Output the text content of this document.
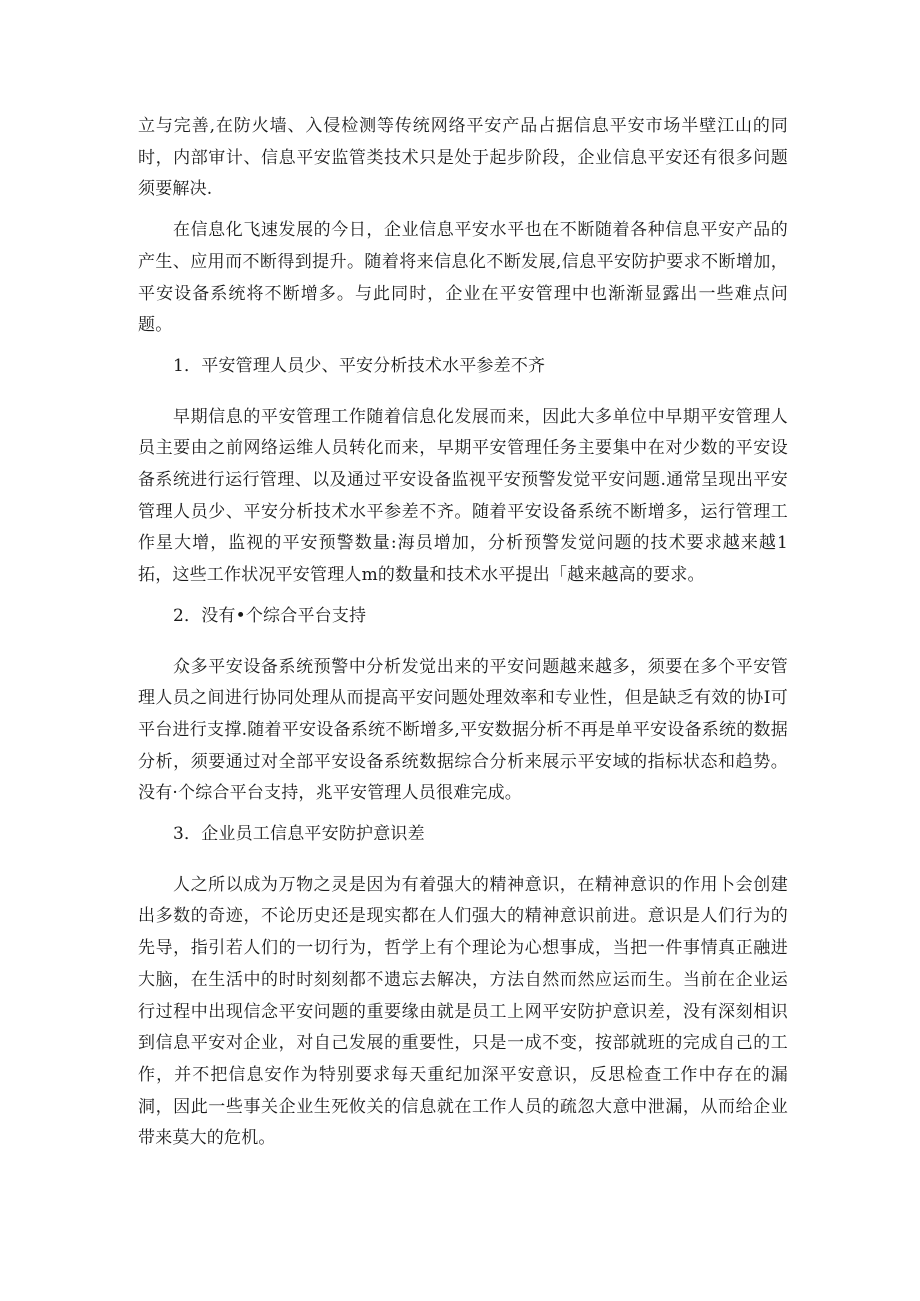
立与完善,在防火墙、入侵检测等传统网络平安产品占据信息平安市场半壁江山的同时，内部审计、信息平安监管类技术只是处于起步阶段，企业信息平安还有很多问题须要解决.

在信息化飞速发展的今日，企业信息平安水平也在不断随着各种信息平安产品的产生、应用而不断得到提升。随着将来信息化不断发展,信息平安防护要求不断增加，平安设备系统将不断增多。与此同时，企业在平安管理中也渐渐显露出一些难点问题。

1．平安管理人员少、平安分析技术水平参差不齐

早期信息的平安管理工作随着信息化发展而来，因此大多单位中早期平安管理人员主要由之前网络运维人员转化而来，早期平安管理任务主要集中在对少数的平安设备系统进行运行管理、以及通过平安设备监视平安预警发觉平安问题.通常呈现出平安管理人员少、平安分析技术水平参差不齐。随着平安设备系统不断增多，运行管理工作星大增，监视的平安预警数量:海员增加，分析预警发觉问题的技术要求越来越1拓，这些工作状况平安管理人m的数量和技术水平提出「越来越高的要求。

2．没有•个综合平台支持

众多平安设备系统预警中分析发觉出来的平安问题越来越多，须要在多个平安管理人员之间进行协同处理从而提高平安问题处理效率和专业性，但是缺乏有效的协I可平台进行支撑.随着平安设备系统不断增多,平安数据分析不再是单平安设备系统的数据分析，须要通过对全部平安设备系统数据综合分析来展示平安域的指标状态和趋势。没有·个综合平台支持，兆平安管理人员很难完成。

3．企业员工信息平安防护意识差

人之所以成为万物之灵是因为有着强大的精神意识，在精神意识的作用卜会创建出多数的奇迹，不论历史还是现实都在人们强大的精神意识前进。意识是人们行为的先导，指引若人们的一切行为，哲学上有个理论为心想事成，当把一件事情真正融进大脑，在生活中的时时刻刻都不遗忘去解决，方法自然而然应运而生。当前在企业运行过程中出现信念平安问题的重要缘由就是员工上网平安防护意识差，没有深刻相识到信息平安对企业，对自己发展的重要性，只是一成不变，按部就班的完成自己的工作，并不把信息安作为特别要求每天重纪加深平安意识，反思检查工作中存在的漏洞，因此一些事关企业生死攸关的信息就在工作人员的疏忽大意中泄漏，从而给企业带来莫大的危机。
